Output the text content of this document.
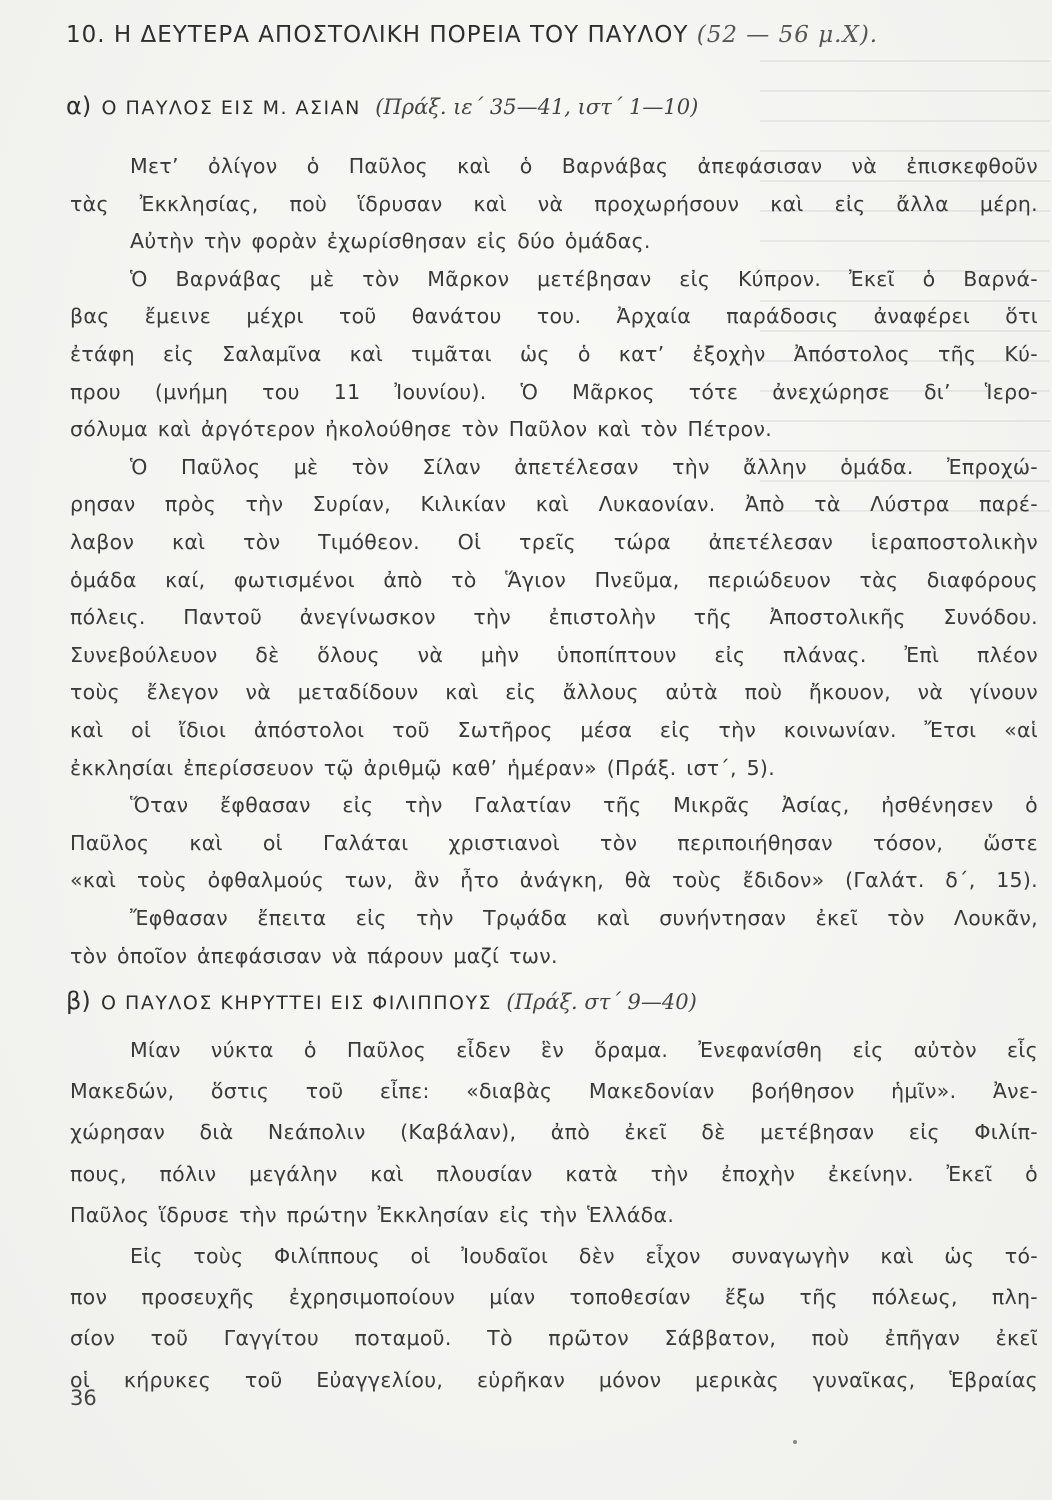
10. Η ΔΕΥΤΕΡΑ ΑΠΟΣΤΟΛΙΚΗ ΠΟΡΕΙΑ ΤΟΥ ΠΑΥΛΟΥ (52 — 56 μ.Χ).
α) Ο ΠΑΥΛΟΣ ΕΙΣ Μ. ΑΣΙΑΝ (Πράξ. ιε΄ 35—41, ιστ΄ 1—10)
Μετ’ ὀλίγον ὁ Παῦλος καὶ ὁ Βαρνάβας ἀπεφάσισαν νὰ ἐπισκεφθοῦν
τὰς Ἐκκλησίας, ποὺ ἵδρυσαν καὶ νὰ προχωρήσουν καὶ εἰς ἄλλα μέρη.
Αὐτὴν τὴν φορὰν ἐχωρίσθησαν εἰς δύο ὁμάδας.
Ὁ Βαρνάβας μὲ τὸν Μᾶρκον μετέβησαν εἰς Κύπρον. Ἐκεῖ ὁ Βαρνά-
βας ἔμεινε μέχρι τοῦ θανάτου του. Ἀρχαία παράδοσις ἀναφέρει ὅτι
ἐτάφη εἰς Σαλαμῖνα καὶ τιμᾶται ὡς ὁ κατ’ ἐξοχὴν Ἀπόστολος τῆς Κύ-
πρου (μνήμη του 11 Ἰουνίου). Ὁ Μᾶρκος τότε ἀνεχώρησε δι’ Ἱερο-
σόλυμα καὶ ἀργότερον ἠκολούθησε τὸν Παῦλον καὶ τὸν Πέτρον.
Ὁ Παῦλος μὲ τὸν Σίλαν ἀπετέλεσαν τὴν ἄλλην ὁμάδα. Ἐπροχώ-
ρησαν πρὸς τὴν Συρίαν, Κιλικίαν καὶ Λυκαονίαν. Ἀπὸ τὰ Λύστρα παρέ-
λαβον καὶ τὸν Τιμόθεον. Οἱ τρεῖς τώρα ἀπετέλεσαν ἱεραποστολικὴν
ὁμάδα καί, φωτισμένοι ἀπὸ τὸ Ἅγιον Πνεῦμα, περιώδευον τὰς διαφόρους
πόλεις. Παντοῦ ἀνεγίνωσκον τὴν ἐπιστολὴν τῆς Ἀποστολικῆς Συνόδου.
Συνεβούλευον δὲ ὅλους νὰ μὴν ὑποπίπτουν εἰς πλάνας. Ἐπὶ πλέον
τοὺς ἔλεγον νὰ μεταδίδουν καὶ εἰς ἄλλους αὐτὰ ποὺ ἤκουον, νὰ γίνουν
καὶ οἱ ἴδιοι ἀπόστολοι τοῦ Σωτῆρος μέσα εἰς τὴν κοινωνίαν. Ἔτσι «αἱ
ἐκκλησίαι ἐπερίσσευον τῷ ἀριθμῷ καθ’ ἡμέραν» (Πράξ. ιστ΄, 5).
Ὅταν ἔφθασαν εἰς τὴν Γαλατίαν τῆς Μικρᾶς Ἀσίας, ἠσθένησεν ὁ
Παῦλος καὶ οἱ Γαλάται χριστιανοὶ τὸν περιποιήθησαν τόσον, ὥστε
«καὶ τοὺς ὀφθαλμούς των, ἂν ἦτο ἀνάγκη, θὰ τοὺς ἔδιδον» (Γαλάτ. δ΄, 15).
Ἔφθασαν ἔπειτα εἰς τὴν Τρῳάδα καὶ συνήντησαν ἐκεῖ τὸν Λουκᾶν,
τὸν ὁποῖον ἀπεφάσισαν νὰ πάρουν μαζί των.
β) Ο ΠΑΥΛΟΣ ΚΗΡΥΤΤΕΙ ΕΙΣ ΦΙΛΙΠΠΟΥΣ (Πράξ. στ΄ 9—40)
Μίαν νύκτα ὁ Παῦλος εἶδεν ἓν ὅραμα. Ἐνεφανίσθη εἰς αὐτὸν εἷς
Μακεδών, ὅστις τοῦ εἶπε: «διαβὰς Μακεδονίαν βοήθησον ἡμῖν». Ἀνε-
χώρησαν διὰ Νεάπολιν (Καβάλαν), ἀπὸ ἐκεῖ δὲ μετέβησαν εἰς Φιλίπ-
πους, πόλιν μεγάλην καὶ πλουσίαν κατὰ τὴν ἐποχὴν ἐκείνην. Ἐκεῖ ὁ
Παῦλος ἵδρυσε τὴν πρώτην Ἐκκλησίαν εἰς τὴν Ἑλλάδα.
Εἰς τοὺς Φιλίππους οἱ Ἰουδαῖοι δὲν εἶχον συναγωγὴν καὶ ὡς τό-
πον προσευχῆς ἐχρησιμοποίουν μίαν τοποθεσίαν ἔξω τῆς πόλεως, πλη-
σίον τοῦ Γαγγίτου ποταμοῦ. Τὸ πρῶτον Σάββατον, ποὺ ἐπῆγαν ἐκεῖ
οἱ κήρυκες τοῦ Εὐαγγελίου, εὑρῆκαν μόνον μερικὰς γυναῖκας, Ἑβραίας
36
